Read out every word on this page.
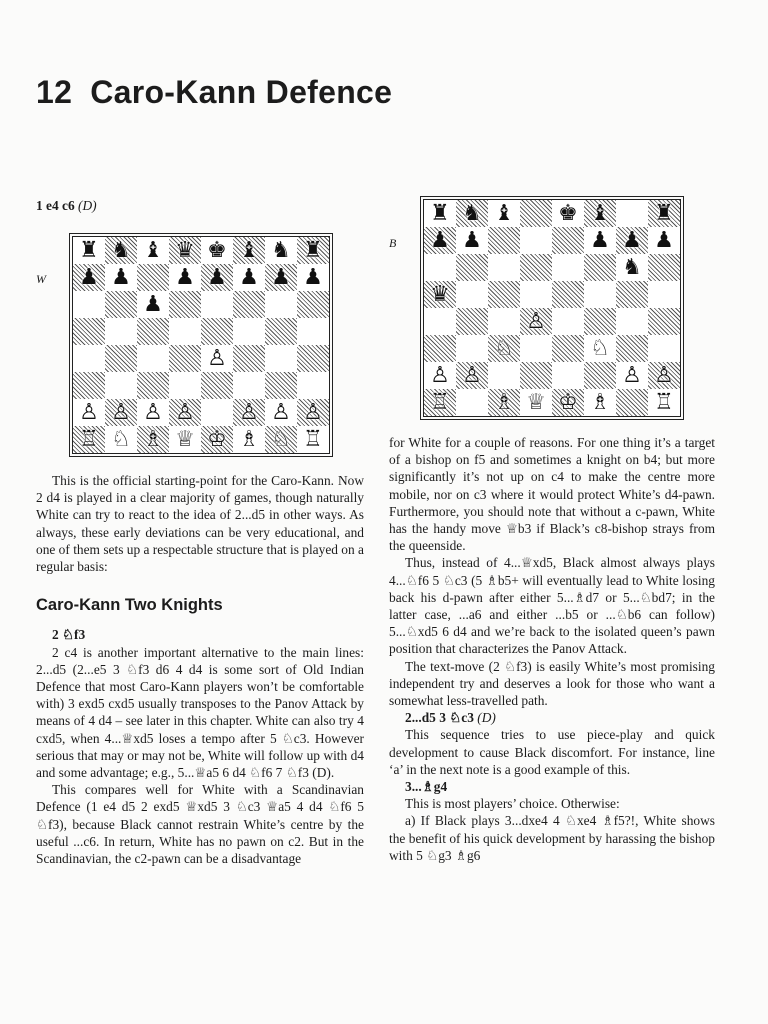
12 Caro-Kann Defence
1 e4 c6 (D)
W
♜ ♞ ♝ ♛ ♚ ♝ ♞ ♜
♟ ♟ ♟ ♟ ♟ ♟ ♟
♟
♙
♙ ♙ ♙ ♙ ♙ ♙ ♙
♖ ♘ ♗ ♕ ♔ ♗ ♘ ♖
B
♜ ♞ ♝ ♚ ♝ ♜
♟ ♟	♟ ♟ ♟
♞
♛
♙
♘	♘
♙ ♙	♙ ♙
♖ ♗ ♕ ♔ ♗ ♖

This is the official starting-point for the Caro-Kann. Now 2 d4 is played in a clear majority of games, though naturally White can try to react to the idea of 2...d5 in other ways. As always, these early deviations can be very educational, and one of them sets up a respectable structure that is played on a regular basis:

Caro-Kann Two Knights

2 ♘f3

2 c4 is another important alternative to the main lines: 2...d5 (2...e5 3 ♘f3 d6 4 d4 is some sort of Old Indian Defence that most Caro-Kann players won’t be comfortable with) 3 exd5 cxd5 usually transposes to the Panov Attack by means of 4 d4 – see later in this chapter. White can also try 4 cxd5, when 4...♕xd5 loses a tempo after 5 ♘c3. However serious that may or may not be, White will follow up with d4 and some advantage; e.g., 5...♕a5 6 d4 ♘f6 7 ♘f3 (D).

This compares well for White with a Scandinavian Defence (1 e4 d5 2 exd5 ♕xd5 3 ♘c3 ♕a5 4 d4 ♘f6 5 ♘f3), because Black cannot restrain White’s centre by the useful ...c6. In return, White has no pawn on c2. But in the Scandinavian, the c2-pawn can be a disadvantage

for White for a couple of reasons. For one thing it’s a target of a bishop on f5 and sometimes a knight on b4; but more significantly it’s not up on c4 to make the centre more mobile, nor on c3 where it would protect White’s d4-pawn. Furthermore, you should note that without a c-pawn, White has the handy move ♕b3 if Black’s c8-bishop strays from the queenside.

Thus, instead of 4...♕xd5, Black almost always plays 4...♘f6 5 ♘c3 (5 ♗b5+ will eventually lead to White losing back his d-pawn after either 5...♗d7 or 5...♘bd7; in the latter case, ...a6 and either ...b5 or ...♘b6 can follow) 5...♘xd5 6 d4 and we’re back to the isolated queen’s pawn position that characterizes the Panov Attack.

The text-move (2 ♘f3) is easily White’s most promising independent try and deserves a look for those who want a somewhat less-travelled path.

2...d5 3 ♘c3 (D)

This sequence tries to use piece-play and quick development to cause Black discomfort. For instance, line ‘a’ in the next note is a good example of this.

3...♗g4

This is most players’ choice. Otherwise:

a) If Black plays 3...dxe4 4 ♘xe4 ♗f5?!, White shows the benefit of his quick development by harassing the bishop with 5 ♘g3 ♗g6
